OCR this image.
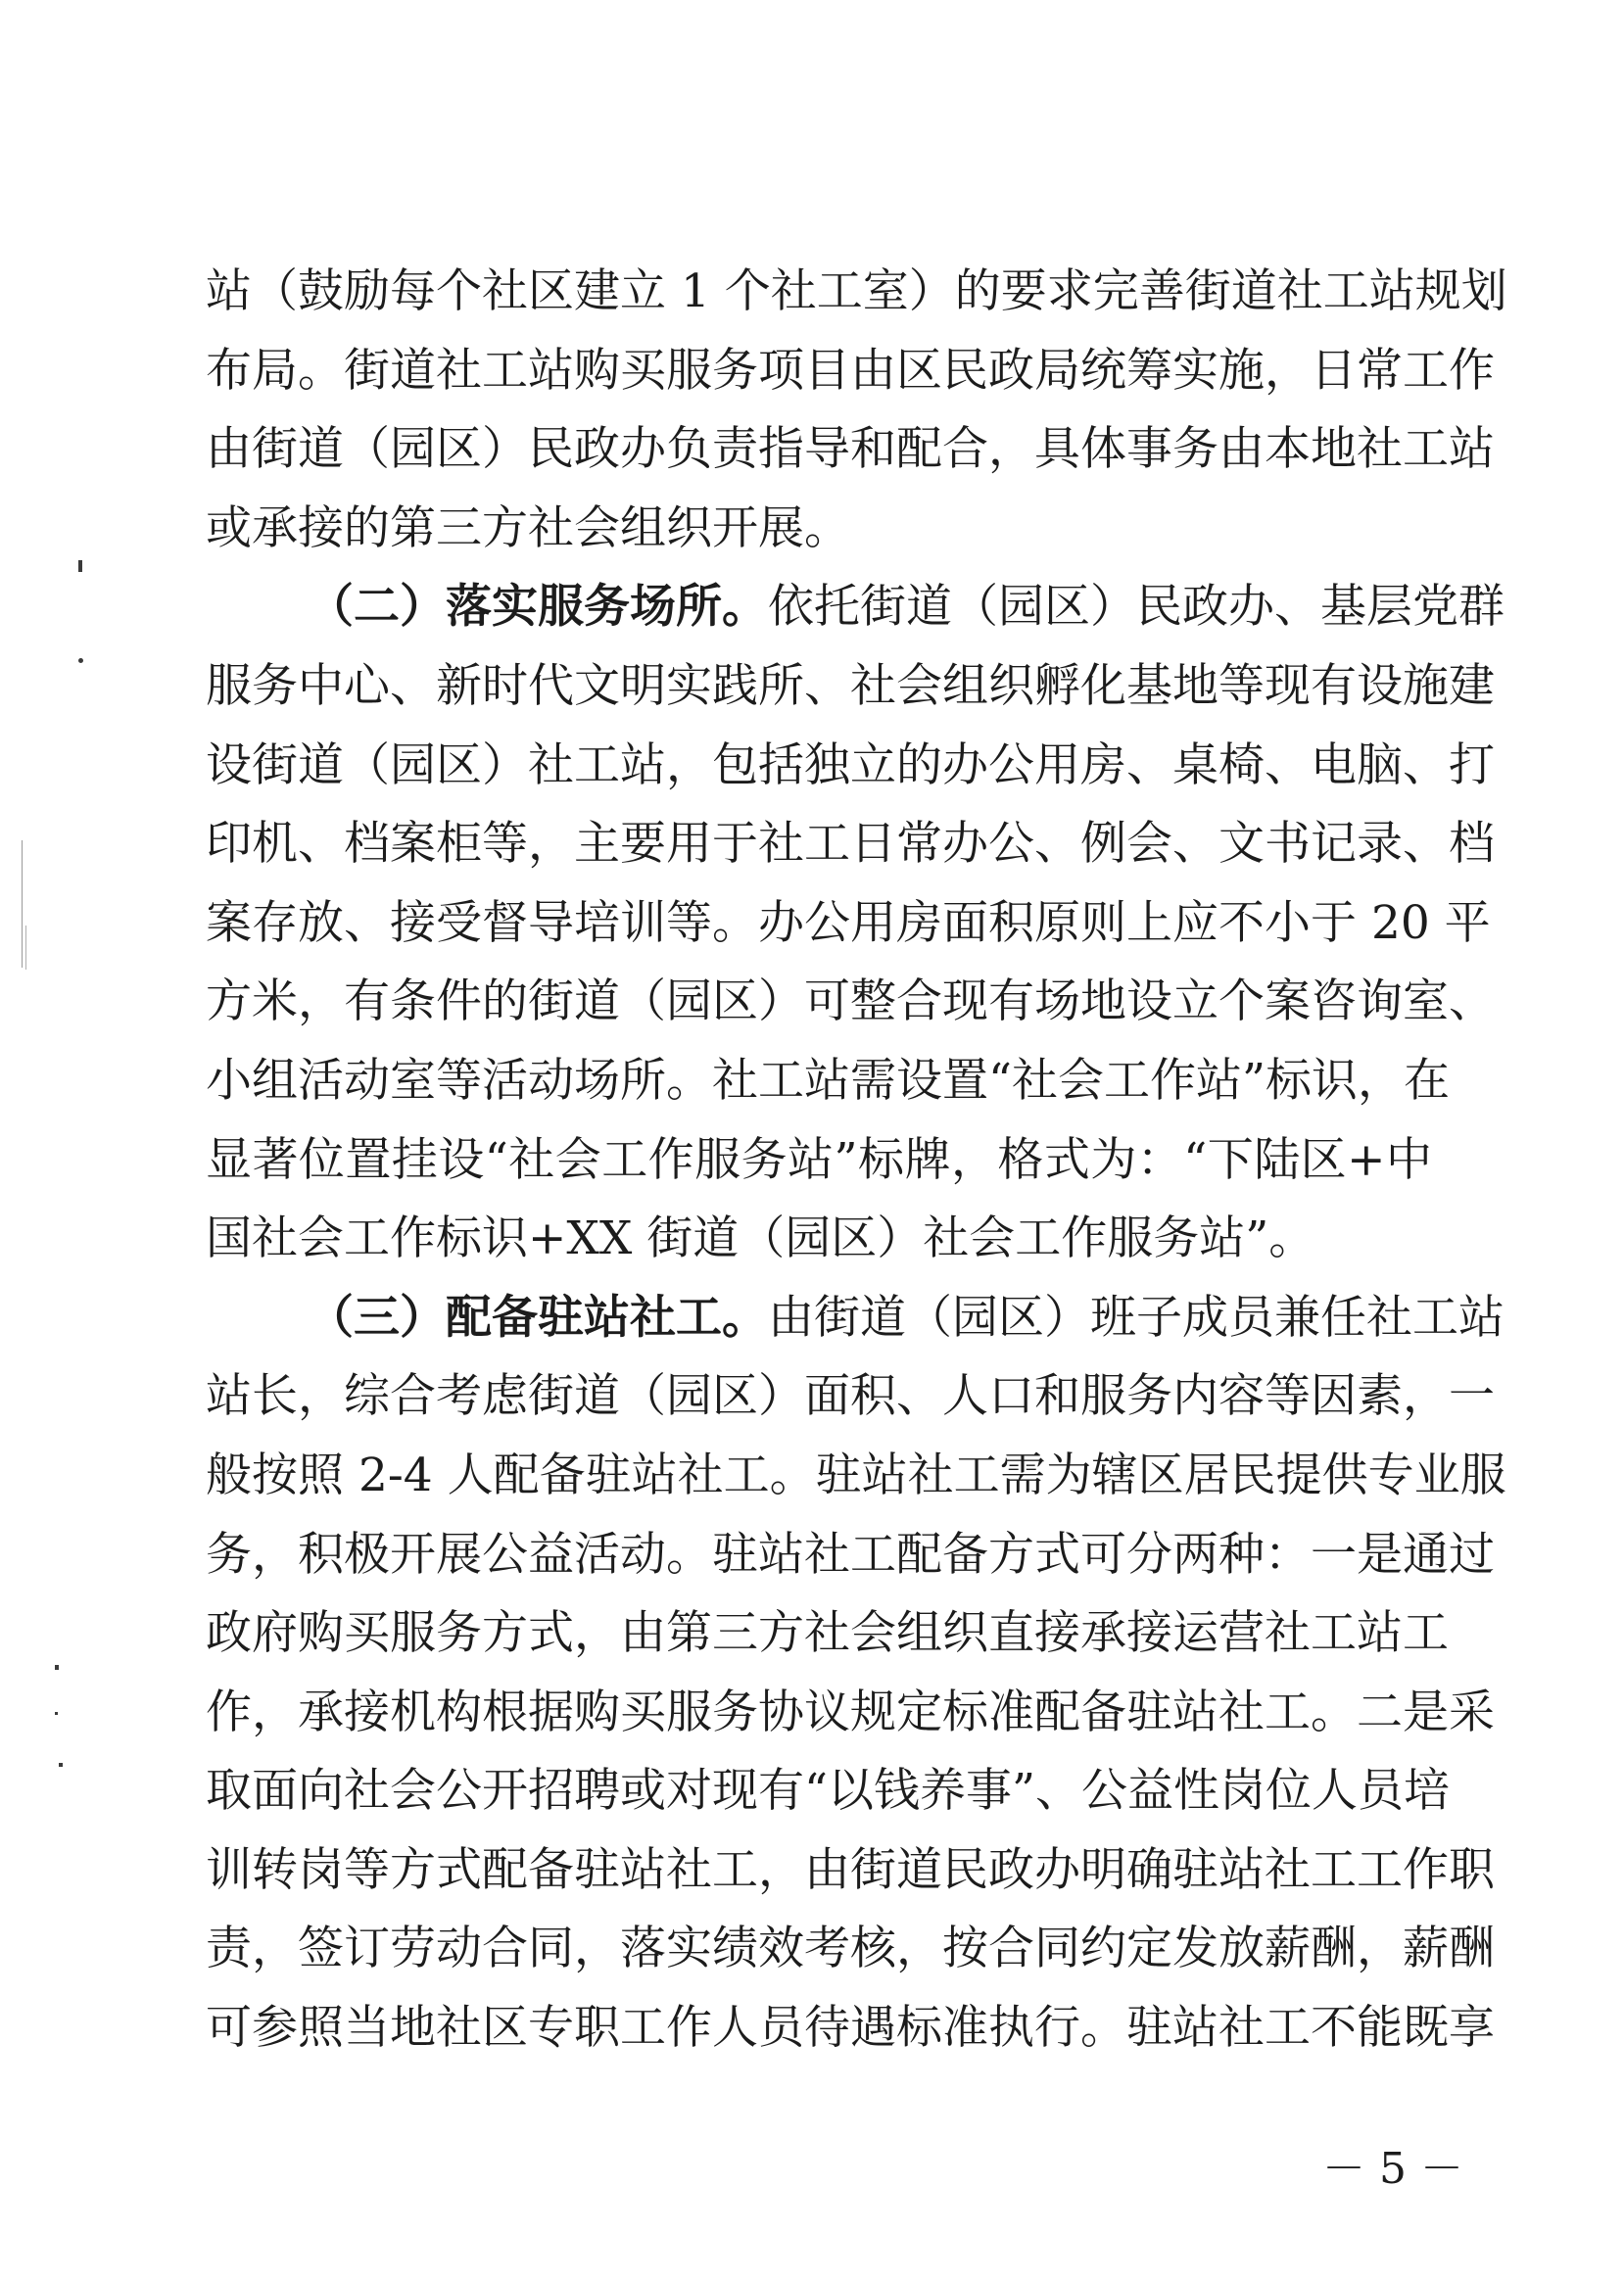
站（鼓励每个社区建立 1 个社工室）的要求完善街道社工站规划
布局。街道社工站购买服务项目由区民政局统筹实施，日常工作
由街道（园区）民政办负责指导和配合，具体事务由本地社工站
或承接的第三方社会组织开展。
（二）落实服务场所。依托街道（园区）民政办、基层党群
服务中心、新时代文明实践所、社会组织孵化基地等现有设施建
设街道（园区）社工站，包括独立的办公用房、桌椅、电脑、打
印机、档案柜等，主要用于社工日常办公、例会、文书记录、档
案存放、接受督导培训等。办公用房面积原则上应不小于 20 平
方米，有条件的街道（园区）可整合现有场地设立个案咨询室、
小组活动室等活动场所。社工站需设置“社会工作站”标识，在
显著位置挂设“社会工作服务站”标牌，格式为：“下陆区+中
国社会工作标识+XX 街道（园区）社会工作服务站”。
（三）配备驻站社工。由街道（园区）班子成员兼任社工站
站长，综合考虑街道（园区）面积、人口和服务内容等因素，一
般按照 2-4 人配备驻站社工。驻站社工需为辖区居民提供专业服
务，积极开展公益活动。驻站社工配备方式可分两种：一是通过
政府购买服务方式，由第三方社会组织直接承接运营社工站工
作，承接机构根据购买服务协议规定标准配备驻站社工。二是采
取面向社会公开招聘或对现有“以钱养事”、公益性岗位人员培
训转岗等方式配备驻站社工，由街道民政办明确驻站社工工作职
责，签订劳动合同，落实绩效考核，按合同约定发放薪酬，薪酬
可参照当地社区专职工作人员待遇标准执行。驻站社工不能既享
－ 5 －
